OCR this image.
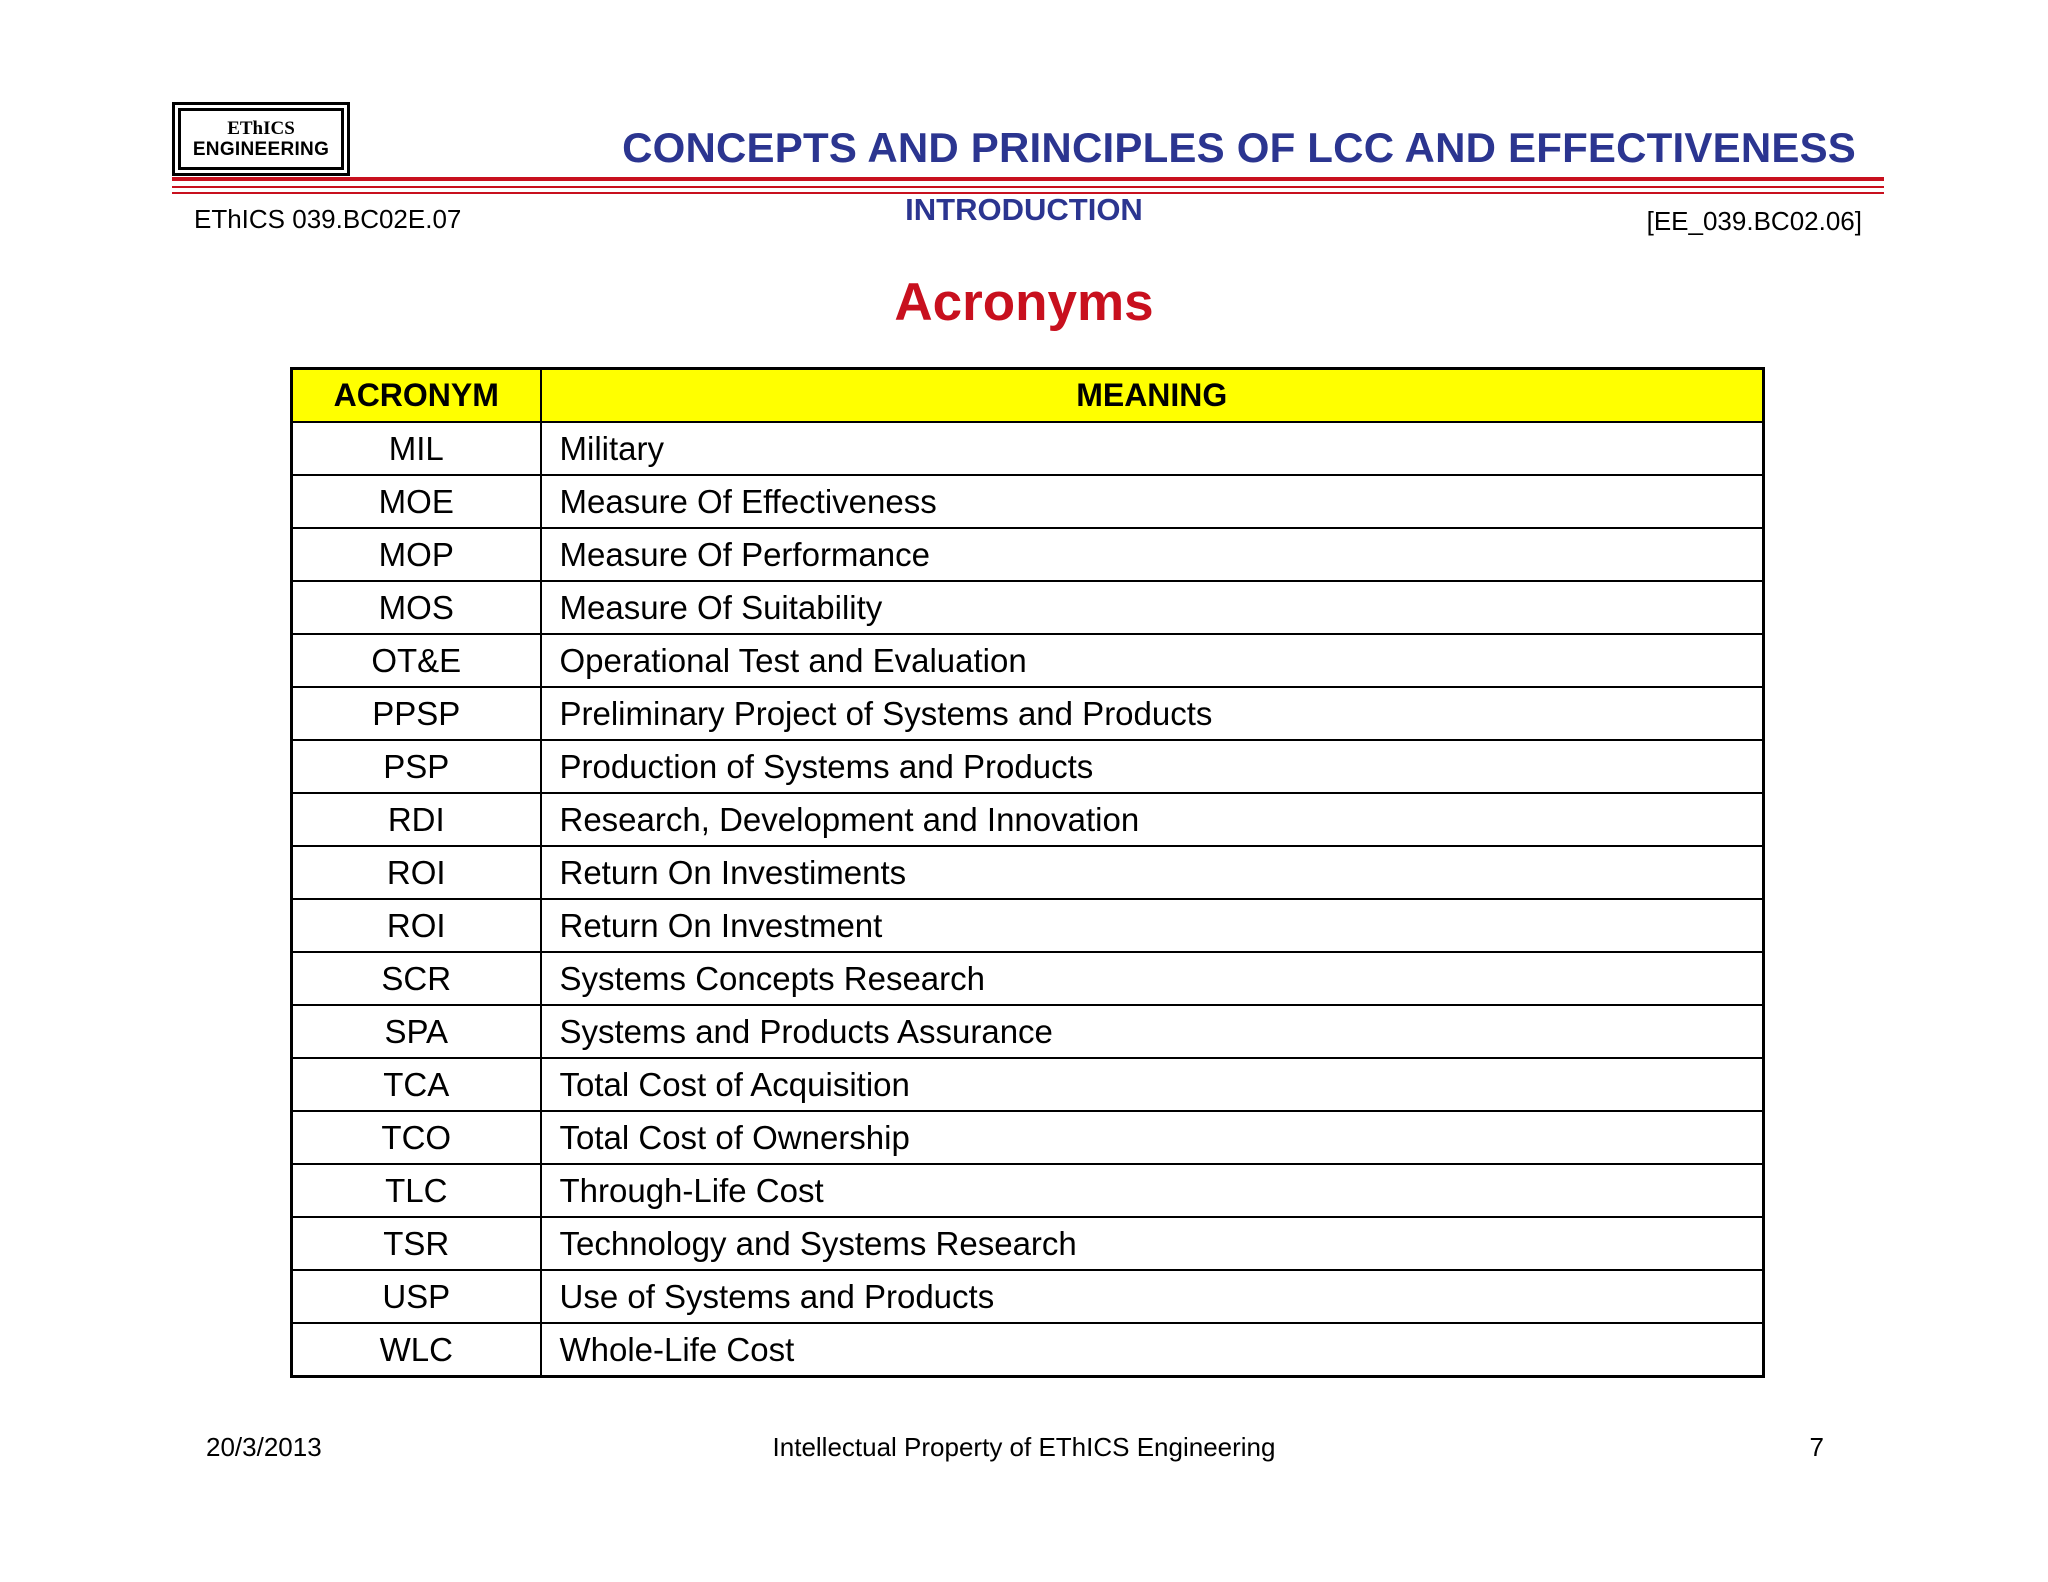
EThICS
ENGINEERING	CONCEPTS AND PRINCIPLES OF LCC AND EFFECTIVENESS
INTRODUCTION
EThICS 039.BC02E.07	[EE_039.BC02.06]
Acronyms
ACRONYM	MEANING
MIL	Military
MOE	Measure Of Effectiveness
MOP	Measure Of Performance
MOS	Measure Of Suitability
OT&E	Operational Test and Evaluation
PPSP	Preliminary Project of Systems and Products
PSP	Production of Systems and Products
RDI	Research, Development and Innovation
ROI	Return On Investiments
ROI	Return On Investment
SCR	Systems Concepts Research
SPA	Systems and Products Assurance
TCA	Total Cost of Acquisition
TCO	Total Cost of Ownership
TLC	Through-Life Cost
TSR	Technology and Systems Research
USP	Use of Systems and Products
WLC	Whole-Life Cost
20/3/2013	Intellectual Property of EThICS Engineering	7
